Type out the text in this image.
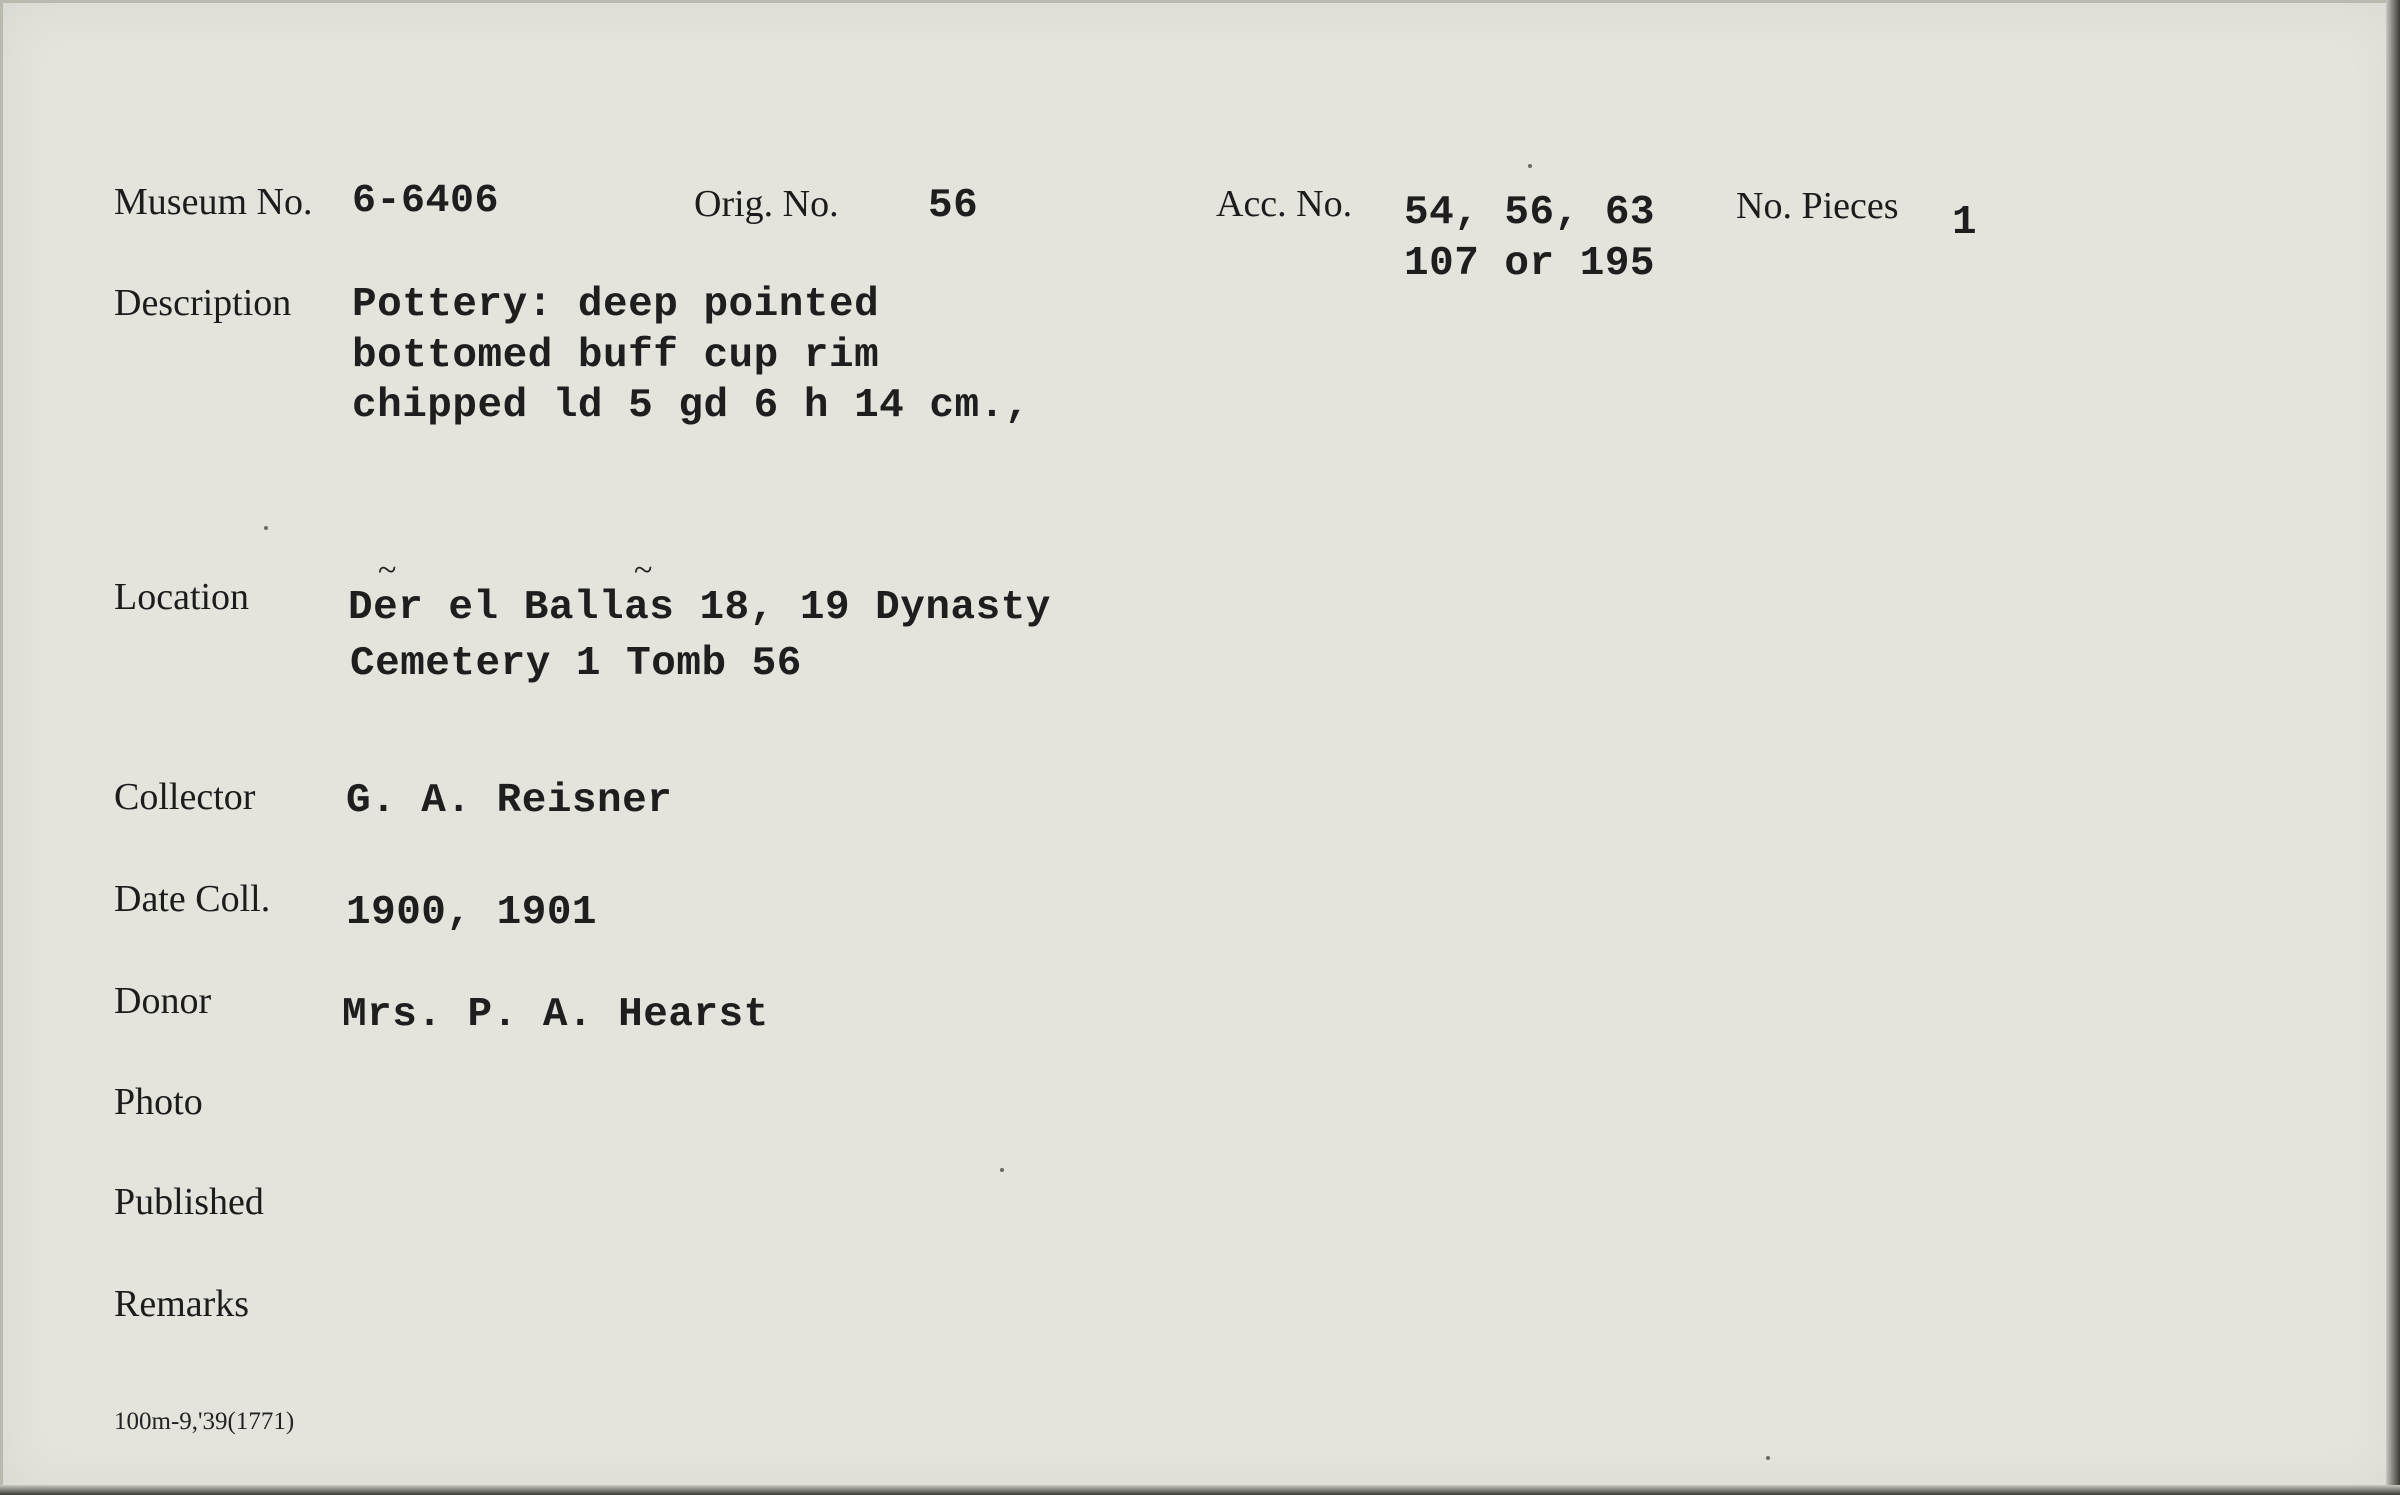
Museum No. 6-6406	Orig. No. 56	Acc. No. 54, 56, 63
107 or 195
No. Pieces 1
Description Pottery: deep pointed
bottomed buff cup rim
chipped ld 5 gd 6 h 14 cm.,
Location
~	~
Der el Ballas 18, 19 Dynasty
Cemetery 1 Tomb 56
Collector G. A. Reisner
Date Coll. 1900, 1901
Donor	Mrs. P. A. Hearst
Photo
Published
Remarks
100m-9,'39(1771)
